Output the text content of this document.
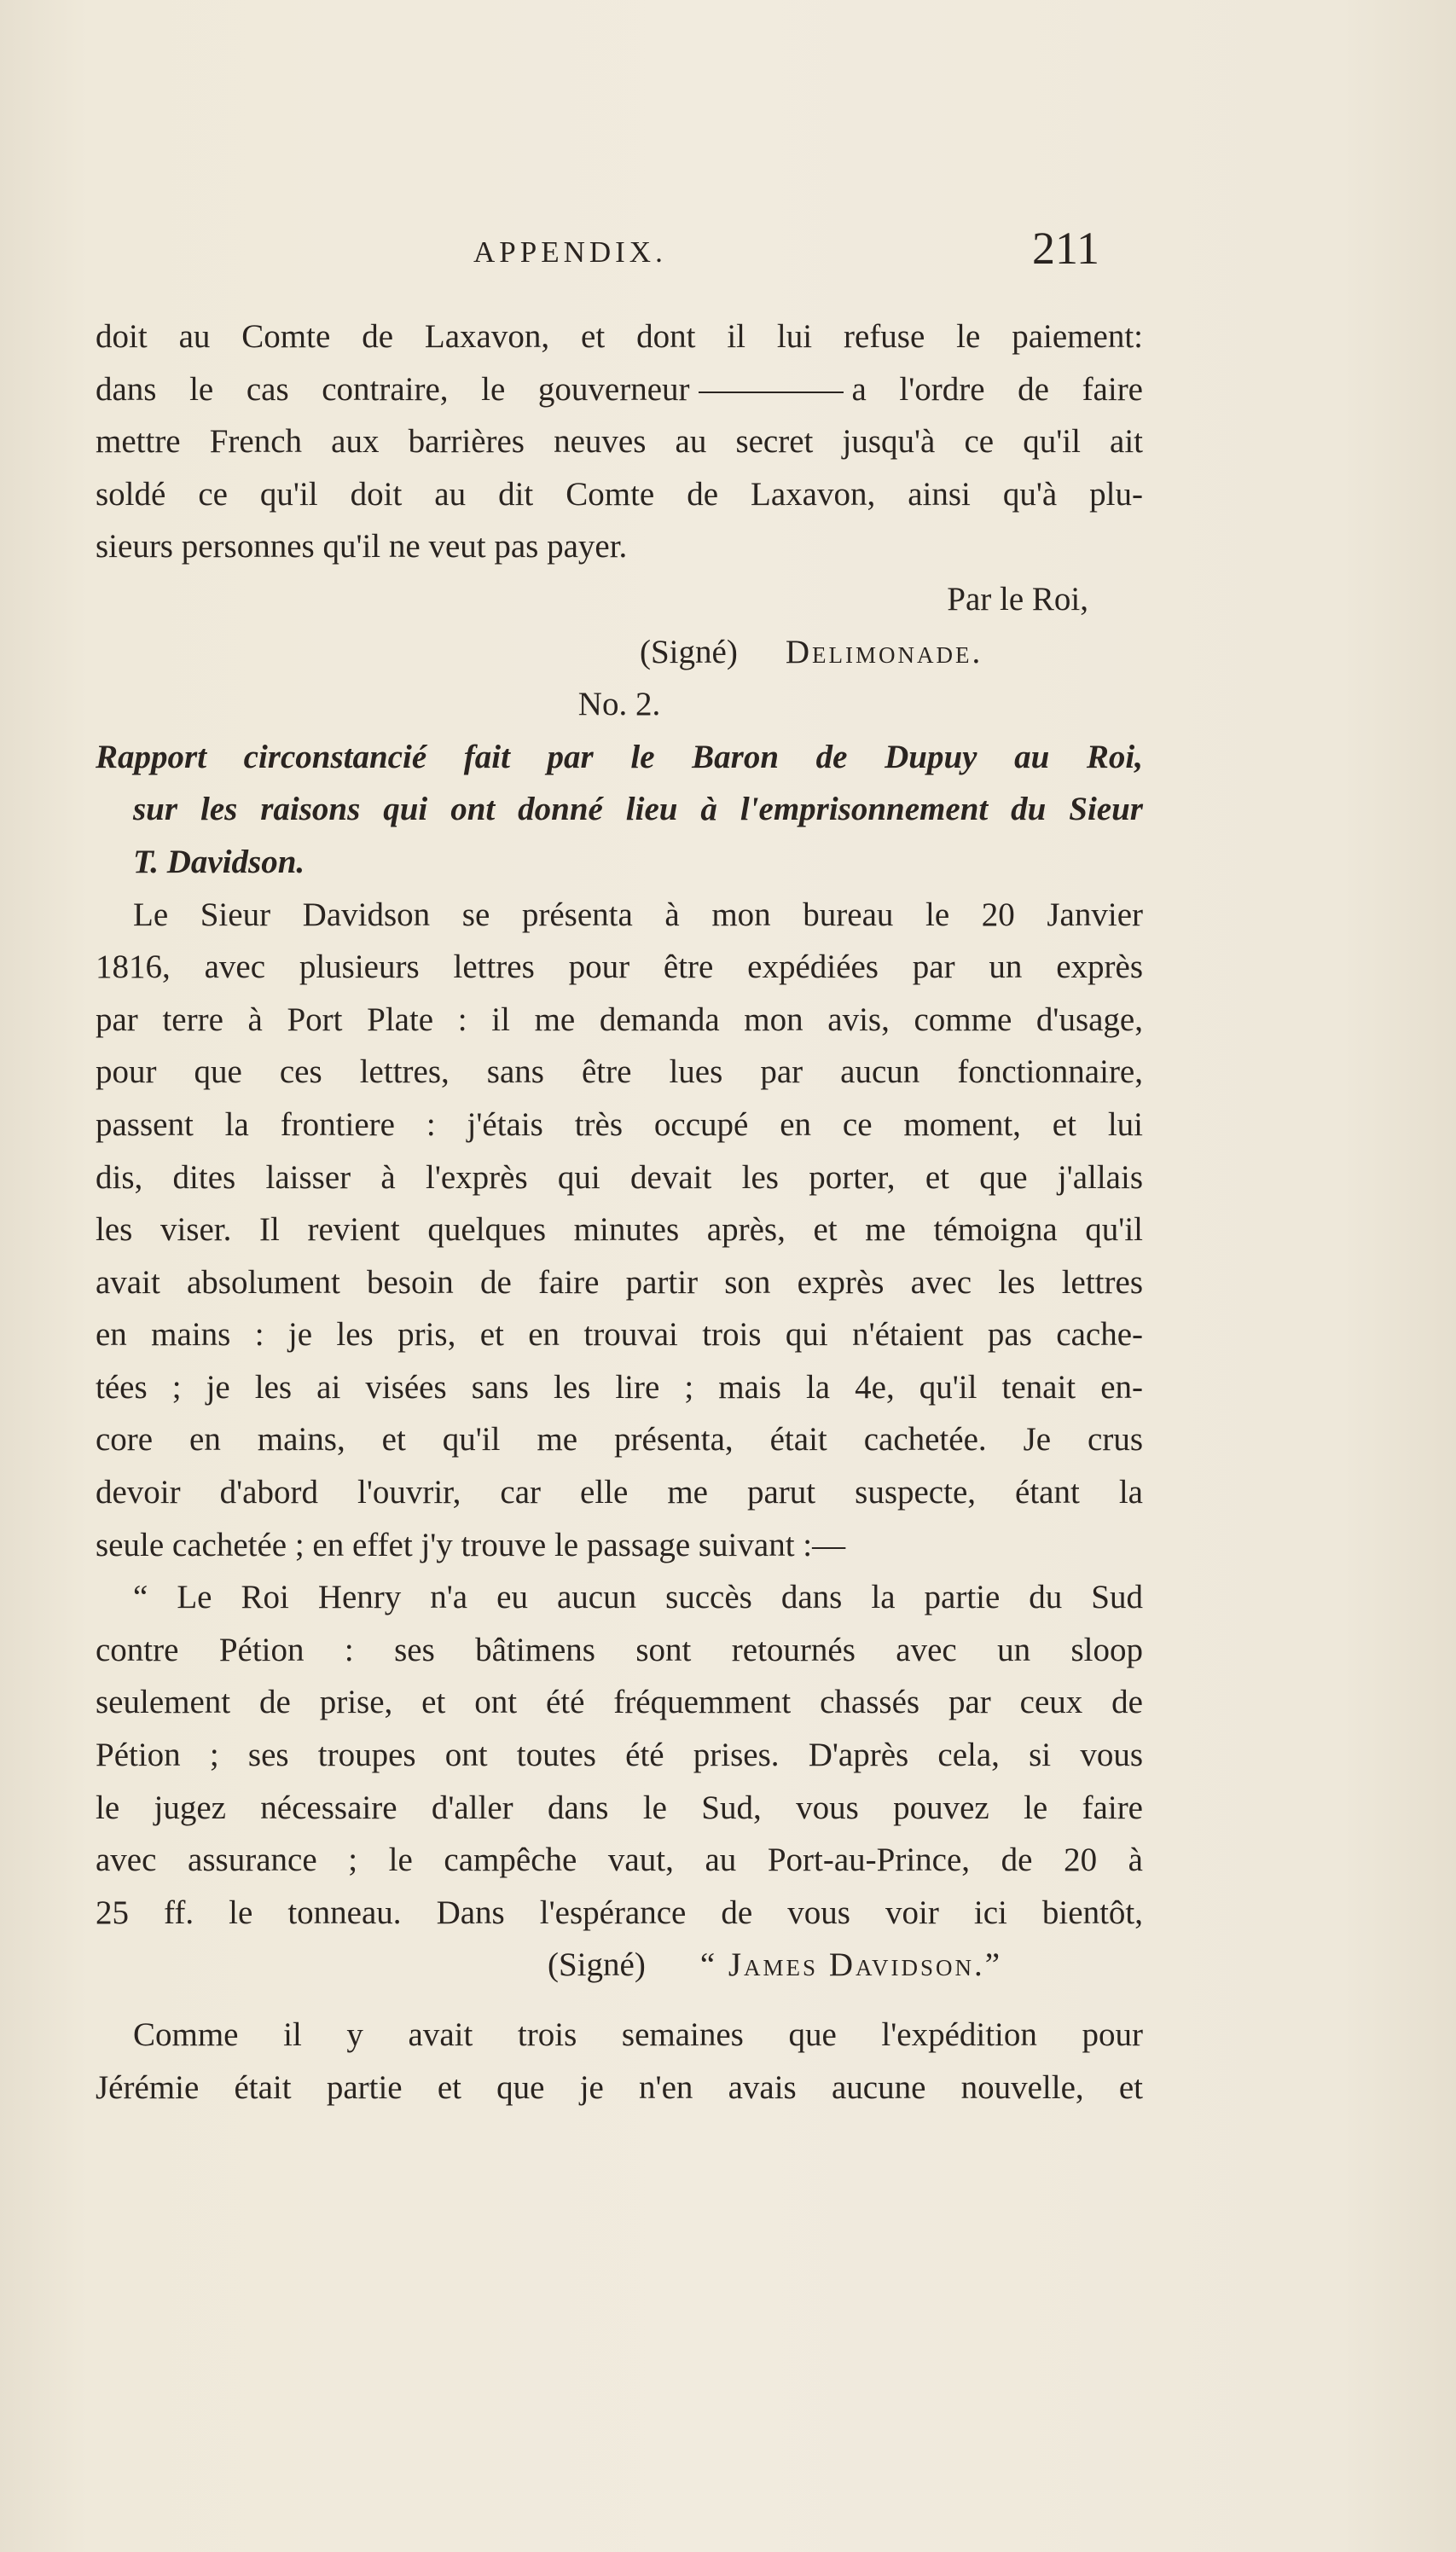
APPENDIX.	211
doit au Comte de Laxavon, et dont il lui refuse le paiement:
dans le cas contraire, le gouverneur	a l'ordre de faire
mettre French aux barrières neuves au secret jusqu'à ce qu'il ait
soldé ce qu'il doit au dit Comte de Laxavon, ainsi qu'à plu-
sieurs personnes qu'il ne veut pas payer.
Par le Roi,
(Signé) Delimonade.
No. 2.
Rapport circonstancié fait par le Baron de Dupuy au Roi,
sur les raisons qui ont donné lieu à l'emprisonnement du Sieur
T. Davidson.
Le Sieur Davidson se présenta à mon bureau le 20 Janvier
1816, avec plusieurs lettres pour être expédiées par un exprès
par terre à Port Plate : il me demanda mon avis, comme d'usage,
pour que ces lettres, sans être lues par aucun fonctionnaire,
passent la frontiere : j'étais très occupé en ce moment, et lui
dis, dites laisser à l'exprès qui devait les porter, et que j'allais
les viser. Il revient quelques minutes après, et me témoigna qu'il
avait absolument besoin de faire partir son exprès avec les lettres
en mains : je les pris, et en trouvai trois qui n'étaient pas cache-
tées ; je les ai visées sans les lire ; mais la 4e, qu'il tenait en-
core en mains, et qu'il me présenta, était cachetée. Je crus
devoir d'abord l'ouvrir, car elle me parut suspecte, étant la
seule cachetée ; en effet j'y trouve le passage suivant :—
“ Le Roi Henry n'a eu aucun succès dans la partie du Sud
contre Pétion : ses bâtimens sont retournés avec un sloop
seulement de prise, et ont été fréquemment chassés par ceux de
Pétion ; ses troupes ont toutes été prises. D'après cela, si vous
le jugez nécessaire d'aller dans le Sud, vous pouvez le faire
avec assurance ; le campêche vaut, au Port-au-Prince, de 20 à
25 ff. le tonneau. Dans l'espérance de vous voir ici bientôt,
(Signé) “ James Davidson.”
Comme il y avait trois semaines que l'expédition pour
Jérémie était partie et que je n'en avais aucune nouvelle, et
